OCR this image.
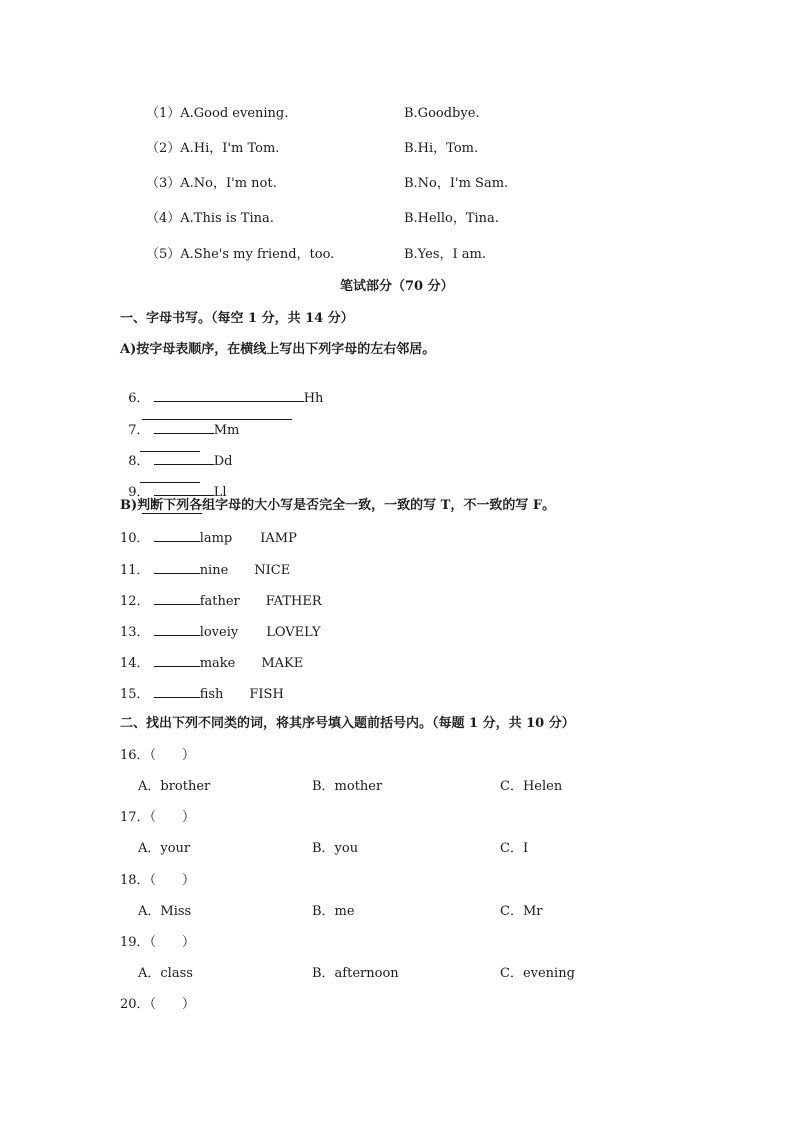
（1）A.Good evening.	B.Goodbye.
（2）A.Hi，I'm Tom.	B.Hi，Tom.
（3）A.No，I'm not.	B.No，I'm Sam.
（4）A.This is Tina.	B.Hello，Tina.
（5）A.She's my friend，too.	B.Yes，I am.
笔试部分（70 分）
一、字母书写。（每空 1 分，共 14 分）
A)按字母表顺序，在横线上写出下列字母的左右邻居。

6．	Hh

7．	Mm

8．	Dd

9．	Ll

B)判断下列各组字母的大小写是否完全一致，一致的写 T，不一致的写 F。
10．	lamp IAMP
11．	nine NICE
12．	father FATHER
13．	loveiy LOVELY
14．	make MAKE
15．	fish FISH
二、找出下列不同类的词，将其序号填入题前括号内。（每题 1 分，共 10 分）
16．（　　）
A．brother	B．mother	C．Helen
17．（　　）
A．your	B．you	C．I
18．（　　）
A．Miss	B．me	C．Mr
19．（　　）
A．class	B．afternoon	C．evening
20．（　　）
